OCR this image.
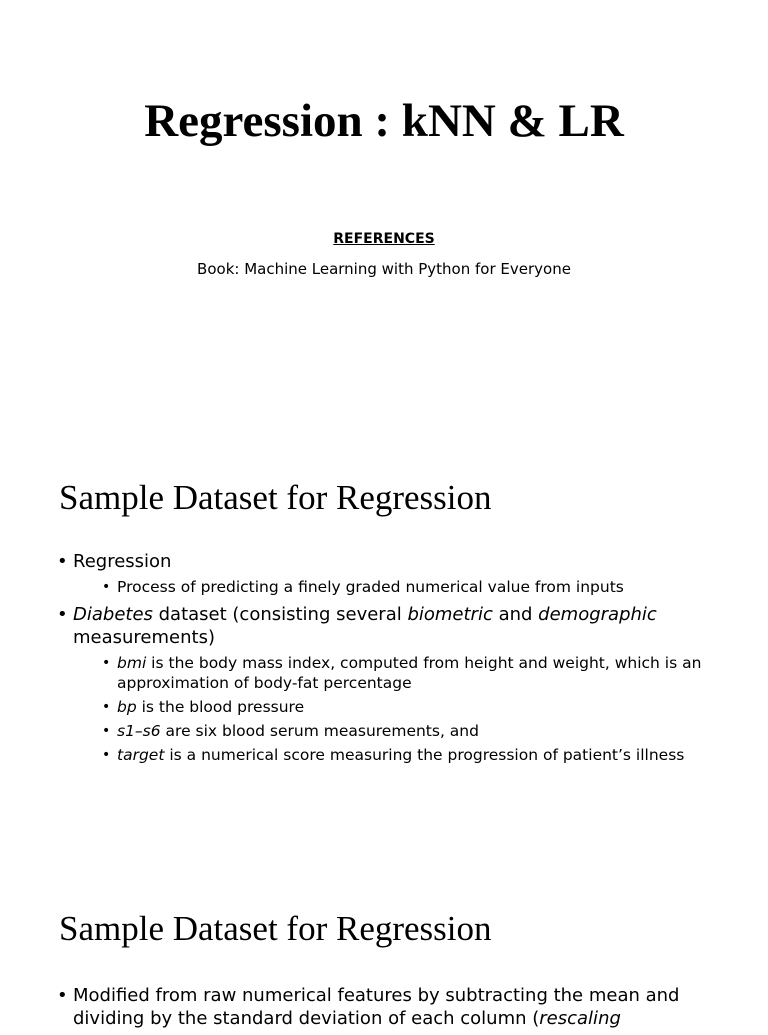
Regression : kNN & LR
REFERENCES
Book: Machine Learning with Python for Everyone
Sample Dataset for Regression
• Regression
• Process of predicting a finely graded numerical value from inputs
• Diabetes dataset (consisting several biometric and demographic measurements)
• bmi is the body mass index, computed from height and weight, which is an approximation of body-fat percentage
• bp is the blood pressure
• s1–s6 are six blood serum measurements, and
• target is a numerical score measuring the progression of patient’s illness
Sample Dataset for Regression
• Modified from raw numerical features by subtracting the mean and dividing by the standard deviation of each column (rescaling
